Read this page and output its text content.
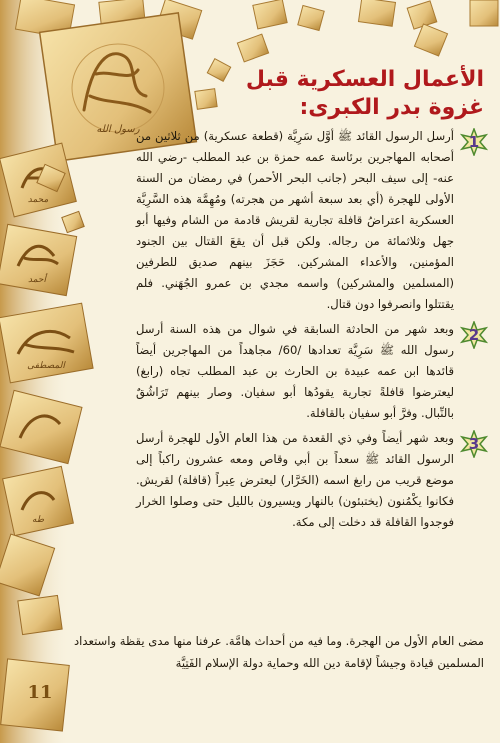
رسول الله
محمد
أحمد
المصطفى
طه
الأعمال العسكرية قبل غزوة بدر الكبرى:

1
أرسل الرسول القائد ﷺ أوَّل سَرِيَّة (قطعة عسكرية) من ثلاثين من أصحابه المهاجرين برئاسة عمه حمزة بن عبد المطلب -رضي الله عنه- إلى سيف البحر (جانب البحر الأحمر) في رمضان من السنة الأولى للهجرة (أي بعد سبعة أشهر من هجرته) ومُهِمَّة هذه السَّرِيَّة العسكرية اعتراضُ قافلة تجارية لقريش قادمة من الشام وفيها أبو جهل وثلاثمائة من رجاله. ولكن قبل أن يقعَ القتال بين الجنود المؤمنين، والأعداء المشركين. حَجَزَ بينهم صديق للطرفين (المسلمين والمشركين) واسمه مجدي بن عمرو الجُهَني. فلم يقتتلوا وانصرفوا دون قتال.

2
وبعد شهر من الحادثة السابقة في شوال من هذه السنة أرسل رسول الله ﷺ سَرِيَّة تعدادها /60/ مجاهداً من المهاجرين أيضاً قائدها ابن عمه عبيدة بن الحارث بن عبد المطلب تجاه (رابغ) ليعترضوا قافلةً تجارية يقودُها أبو سفيان. وصار بينهم تَرَاشُقٌ بالنِّبال. وفرَّ أبو سفيان بالقافلة.

3
وبعد شهر أيضاً وفي ذي القعدة من هذا العام الأول للهجرة أرسل الرسول القائد ﷺ سعداً بن أبي وقاص ومعه عشرون راكباً إلى موضع قريب من رابغ اسمه (الخَرَّار) ليعترض عِيراً (قافلة) لقريش. فكانوا يكْمُنون (يختبئون) بالنهار ويسيرون بالليل حتى وصلوا الخرار فوجدوا القافلة قد دخلت إلى مكة.

مضى العام الأول من الهجرة. وما فيه من أحداث هامَّة. عرفنا منها مدى يقظة واستعداد المسلمين قيادة وجيشاً لإقامة دين الله وحماية دولة الإسلام الفَتِيَّة

11
